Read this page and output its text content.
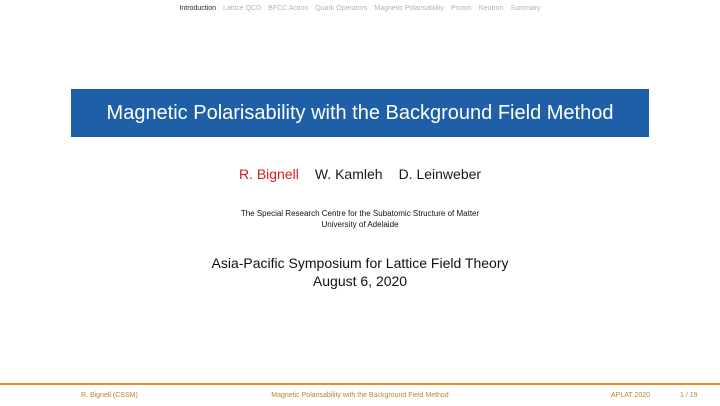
Introduction Lattice QCD BFCC Action Quark Operators Magnetic Polarisability Proton Neutron Summary
Magnetic Polarisability with the Background Field Method
R. Bignell W. Kamleh D. Leinweber
The Special Research Centre for the Subatomic Structure of Matter
University of Adelaide
Asia-Pacific Symposium for Lattice Field Theory
August 6, 2020
R. Bignell (CSSM)	Magnetic Polarisability with the Background Field Method	APLAT 2020	1 / 19
